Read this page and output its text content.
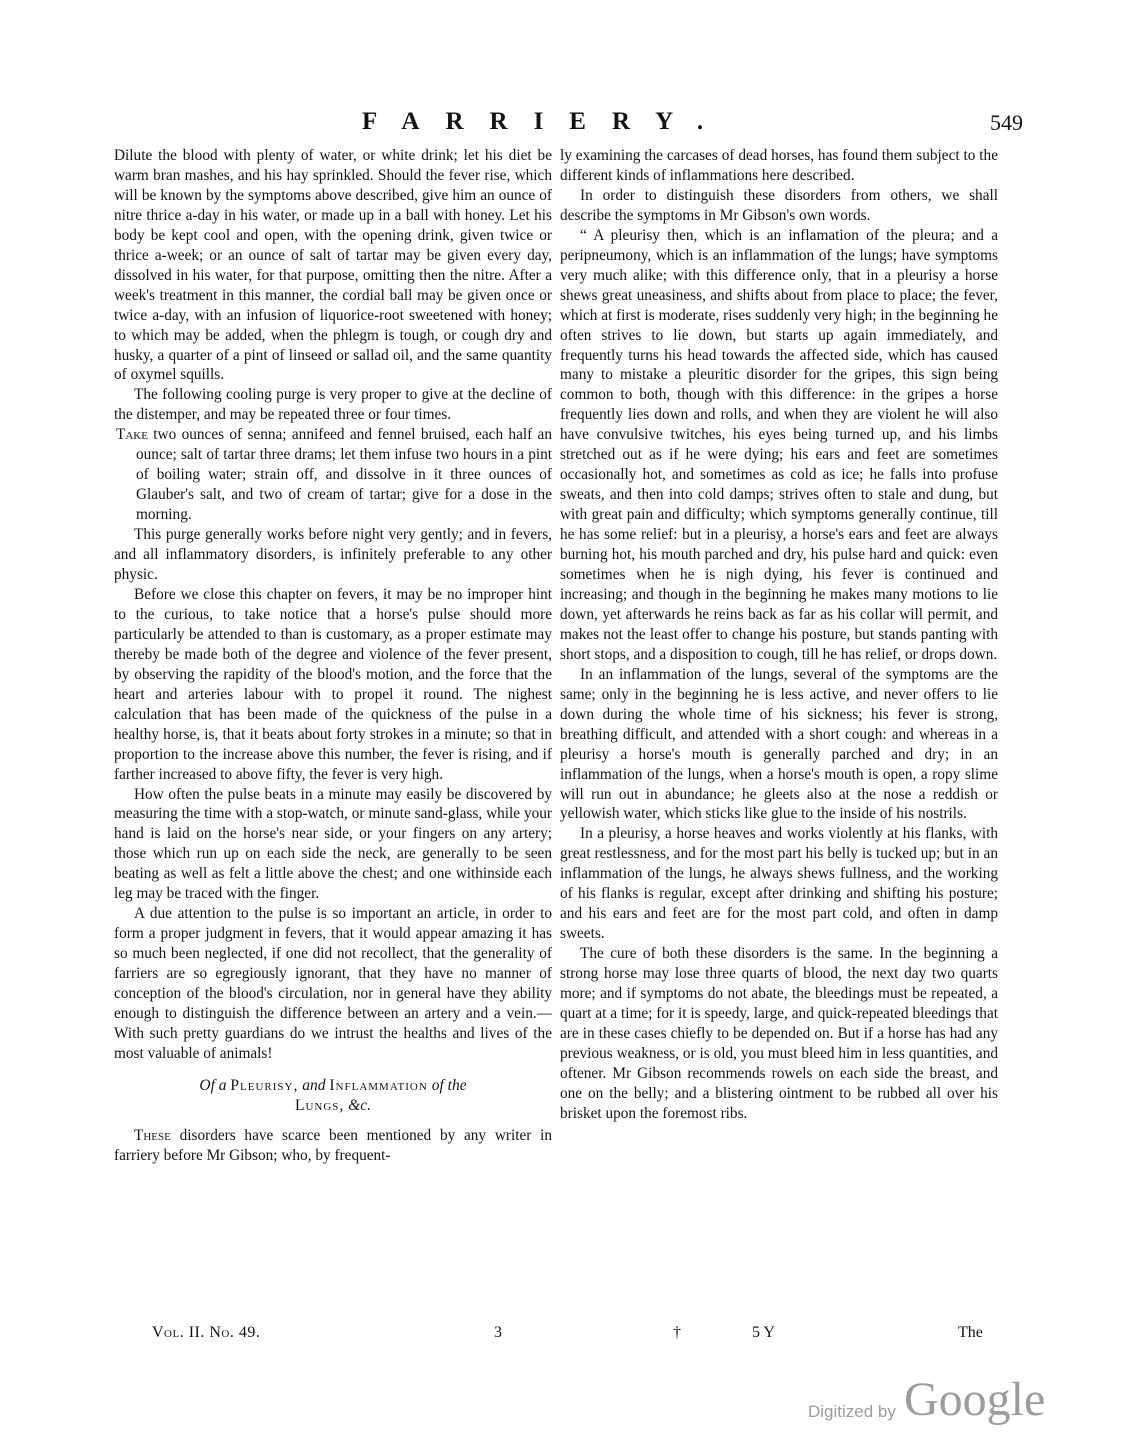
FARRIERY.	549

Dilute the blood with plenty of water, or white drink; let his diet be warm bran mashes, and his hay sprinkled. Should the fever rise, which will be known by the symptoms above described, give him an ounce of nitre thrice a-day in his water, or made up in a ball with honey. Let his body be kept cool and open, with the opening drink, given twice or thrice a-week; or an ounce of salt of tartar may be given every day, dissolved in his water, for that purpose, omitting then the nitre. After a week's treatment in this manner, the cordial ball may be given once or twice a-day, with an infusion of liquorice-root sweetened with honey; to which may be added, when the phlegm is tough, or cough dry and husky, a quarter of a pint of linseed or sallad oil, and the same quantity of oxymel squills.

The following cooling purge is very proper to give at the decline of the distemper, and may be repeated three or four times.

Take two ounces of senna; annifeed and fennel bruised, each half an ounce; salt of tartar three drams; let them infuse two hours in a pint of boiling water; strain off, and dissolve in it three ounces of Glauber's salt, and two of cream of tartar; give for a dose in the morning.

This purge generally works before night very gently; and in fevers, and all inflammatory disorders, is infinitely preferable to any other physic.

Before we close this chapter on fevers, it may be no improper hint to the curious, to take notice that a horse's pulse should more particularly be attended to than is customary, as a proper estimate may thereby be made both of the degree and violence of the fever present, by observing the rapidity of the blood's motion, and the force that the heart and arteries labour with to propel it round. The nighest calculation that has been made of the quickness of the pulse in a healthy horse, is, that it beats about forty strokes in a minute; so that in proportion to the increase above this number, the fever is rising, and if farther increased to above fifty, the fever is very high.

How often the pulse beats in a minute may easily be discovered by measuring the time with a stop-watch, or minute sand-glass, while your hand is laid on the horse's near side, or your fingers on any artery; those which run up on each side the neck, are generally to be seen beating as well as felt a little above the chest; and one withinside each leg may be traced with the finger.

A due attention to the pulse is so important an article, in order to form a proper judgment in fevers, that it would appear amazing it has so much been neglected, if one did not recollect, that the generality of farriers are so egregiously ignorant, that they have no manner of conception of the blood's circulation, nor in general have they ability enough to distinguish the difference between an artery and a vein.—With such pretty guardians do we intrust the healths and lives of the most valuable of animals!

Of a Pleurisy, and Inflammation of the
Lungs, &c.

These disorders have scarce been mentioned by any writer in farriery before Mr Gibson; who, by frequent-

ly examining the carcases of dead horses, has found them subject to the different kinds of inflammations here described.

In order to distinguish these disorders from others, we shall describe the symptoms in Mr Gibson's own words.

“ A pleurisy then, which is an inflamation of the pleura; and a peripneumony, which is an inflammation of the lungs; have symptoms very much alike; with this difference only, that in a pleurisy a horse shews great uneasiness, and shifts about from place to place; the fever, which at first is moderate, rises suddenly very high; in the beginning he often strives to lie down, but starts up again immediately, and frequently turns his head towards the affected side, which has caused many to mistake a pleuritic disorder for the gripes, this sign being common to both, though with this difference: in the gripes a horse frequently lies down and rolls, and when they are violent he will also have convulsive twitches, his eyes being turned up, and his limbs stretched out as if he were dying; his ears and feet are sometimes occasionally hot, and sometimes as cold as ice; he falls into profuse sweats, and then into cold damps; strives often to stale and dung, but with great pain and difficulty; which symptoms generally continue, till he has some relief: but in a pleurisy, a horse's ears and feet are always burning hot, his mouth parched and dry, his pulse hard and quick: even sometimes when he is nigh dying, his fever is continued and increasing; and though in the beginning he makes many motions to lie down, yet afterwards he reins back as far as his collar will permit, and makes not the least offer to change his posture, but stands panting with short stops, and a disposition to cough, till he has relief, or drops down.

In an inflammation of the lungs, several of the symptoms are the same; only in the beginning he is less active, and never offers to lie down during the whole time of his sickness; his fever is strong, breathing difficult, and attended with a short cough: and whereas in a pleurisy a horse's mouth is generally parched and dry; in an inflammation of the lungs, when a horse's mouth is open, a ropy slime will run out in abundance; he gleets also at the nose a reddish or yellowish water, which sticks like glue to the inside of his nostrils.

In a pleurisy, a horse heaves and works violently at his flanks, with great restlessness, and for the most part his belly is tucked up; but in an inflammation of the lungs, he always shews fullness, and the working of his flanks is regular, except after drinking and shifting his posture; and his ears and feet are for the most part cold, and often in damp sweets.

The cure of both these disorders is the same. In the beginning a strong horse may lose three quarts of blood, the next day two quarts more; and if symptoms do not abate, the bleedings must be repeated, a quart at a time; for it is speedy, large, and quick-repeated bleedings that are in these cases chiefly to be depended on. But if a horse has had any previous weakness, or is old, you must bleed him in less quantities, and oftener. Mr Gibson recommends rowels on each side the breast, and one on the belly; and a blistering ointment to be rubbed all over his brisket upon the foremost ribs.

Vol. II. No. 49.	3	†	5 Y	The
Digitized by Google
